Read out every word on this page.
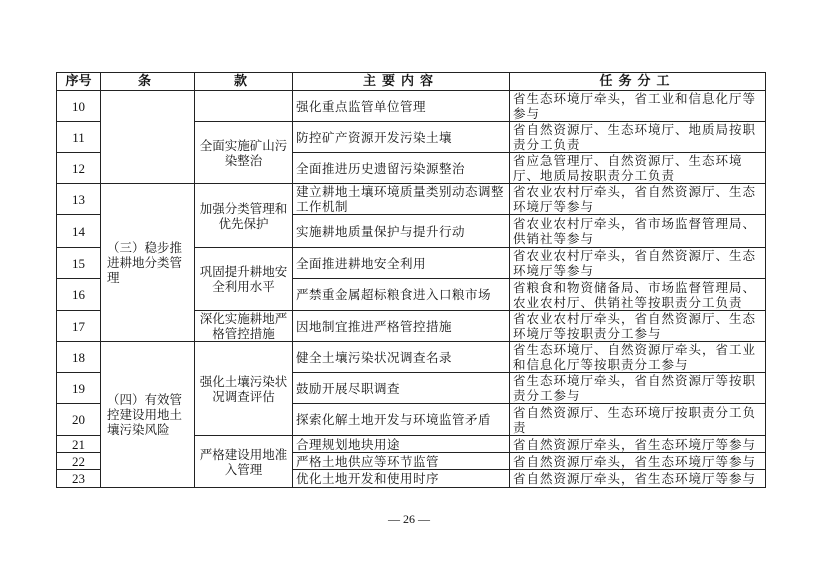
序号	条	款	主要内容	任务分工
10			强化重点监管单位管理	省生态环境厅牵头，省工业和信息化厅等参与
11		全面实施矿山污染整治	防控矿产资源开发污染土壤	省自然资源厅、生态环境厅、地质局按职责分工负责
12			全面推进历史遗留污染源整治	省应急管理厅、自然资源厅、生态环境厅、地质局按职责分工负责
13	（三）稳步推进耕地分类管理	加强分类管理和优先保护	建立耕地土壤环境质量类别动态调整工作机制	省农业农村厅牵头，省自然资源厅、生态环境厅等参与
14			实施耕地质量保护与提升行动	省农业农村厅牵头，省市场监督管理局、供销社等参与
15		巩固提升耕地安全利用水平	全面推进耕地安全利用	省农业农村厅牵头，省自然资源厅、生态环境厅等参与
16			严禁重金属超标粮食进入口粮市场	省粮食和物资储备局、市场监督管理局、农业农村厅、供销社等按职责分工负责
17		深化实施耕地严格管控措施	因地制宜推进严格管控措施	省农业农村厅牵头，省自然资源厅、生态环境厅等按职责分工参与
18	（四）有效管控建设用地土壤污染风险	强化土壤污染状况调查评估	健全土壤污染状况调查名录	省生态环境厅、自然资源厅牵头，省工业和信息化厅等按职责分工参与
19			鼓励开展尽职调查	省生态环境厅牵头，省自然资源厅等按职责分工参与
20			探索化解土地开发与环境监管矛盾	省自然资源厅、生态环境厅按职责分工负责
21		严格建设用地准入管理	合理规划地块用途	省自然资源厅牵头，省生态环境厅等参与
22			严格土地供应等环节监管	省自然资源厅牵头，省生态环境厅等参与
23			优化土地开发和使用时序	省自然资源厅牵头，省生态环境厅等参与
— 26 —
